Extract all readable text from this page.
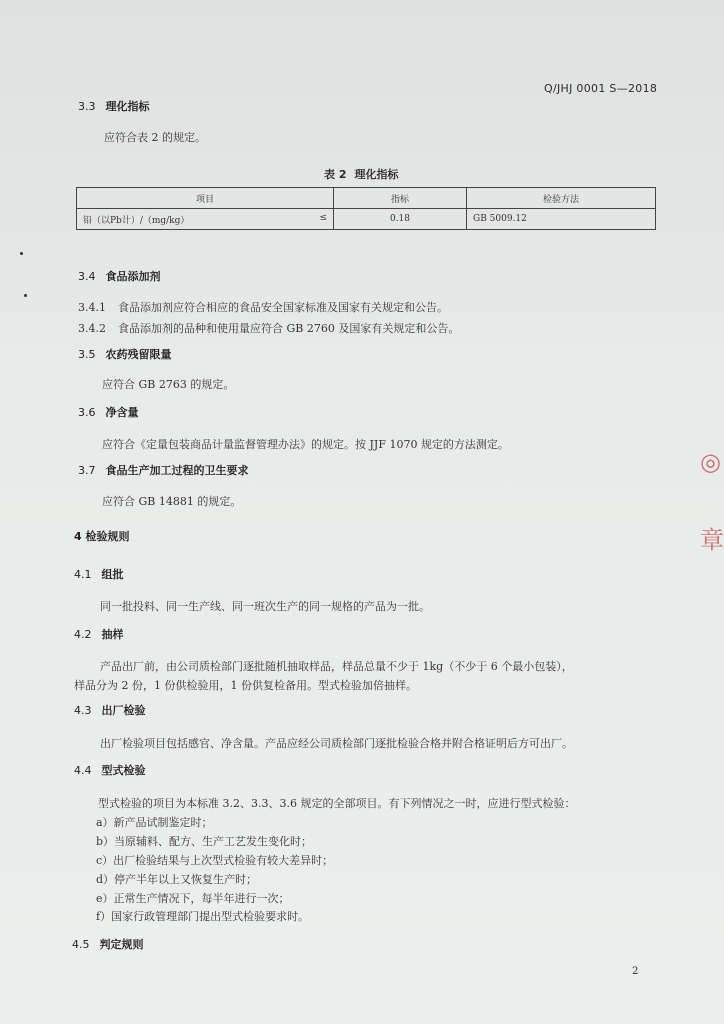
Q/JHJ 0001 S—2018
3.3 理化指标
应符合表 2 的规定。
表 2 理化指标
项目	指标	检验方法

铅（以Pb计）/（mg/kg） ≤	0.18	GB 5009.12
3.4 食品添加剂
3.4.1 食品添加剂应符合相应的食品安全国家标准及国家有关规定和公告。
3.4.2 食品添加剂的品种和使用量应符合 GB 2760 及国家有关规定和公告。
3.5 农药残留限量
应符合 GB 2763 的规定。
3.6 净含量
应符合《定量包装商品计量监督管理办法》的规定。按 JJF 1070 规定的方法测定。
3.7 食品生产加工过程的卫生要求
应符合 GB 14881 的规定。
4 检验规则
4.1 组批
同一批投料、同一生产线、同一班次生产的同一规格的产品为一批。
4.2 抽样
产品出厂前，由公司质检部门逐批随机抽取样品，样品总量不少于 1kg（不少于 6 个最小包装），
样品分为 2 份，1 份供检验用，1 份供复检备用。型式检验加倍抽样。
4.3 出厂检验
出厂检验项目包括感官、净含量。产品应经公司质检部门逐批检验合格并附合格证明后方可出厂。
4.4 型式检验
型式检验的项目为本标准 3.2、3.3、3.6 规定的全部项目。有下列情况之一时，应进行型式检验：
a）新产品试制鉴定时；
b）当原辅料、配方、生产工艺发生变化时；
c）出厂检验结果与上次型式检验有较大差异时；
d）停产半年以上又恢复生产时；
e）正常生产情况下，每半年进行一次；
f）国家行政管理部门提出型式检验要求时。
4.5 判定规则
2
◎
章
